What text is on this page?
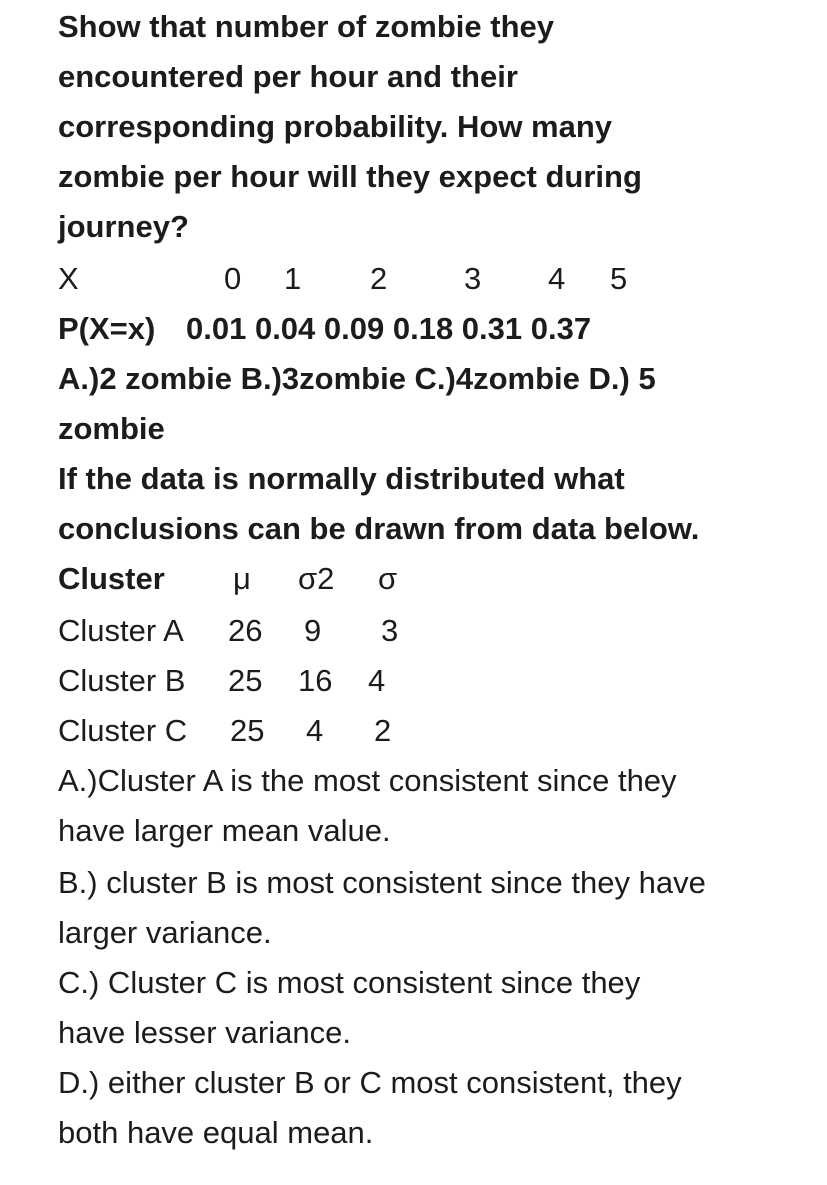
Show that number of zombie they
encountered per hour and their
corresponding probability. How many
zombie per hour will they expect during
journey?
X	0 1 2 3 4 5
P(X=x) 0.01 0.04 0.09 0.18 0.31 0.37
A.)2 zombie B.)3zombie C.)4zombie D.) 5
zombie
If the data is normally distributed what
conclusions can be drawn from data below.
Cluster μ σ2 σ
Cluster A 26 9 3
Cluster B 25 16 4
Cluster C 25 4 2
A.)Cluster A is the most consistent since they
have larger mean value.
B.) cluster B is most consistent since they have
larger variance.
C.) Cluster C is most consistent since they
have lesser variance.
D.) either cluster B or C most consistent, they
both have equal mean.
